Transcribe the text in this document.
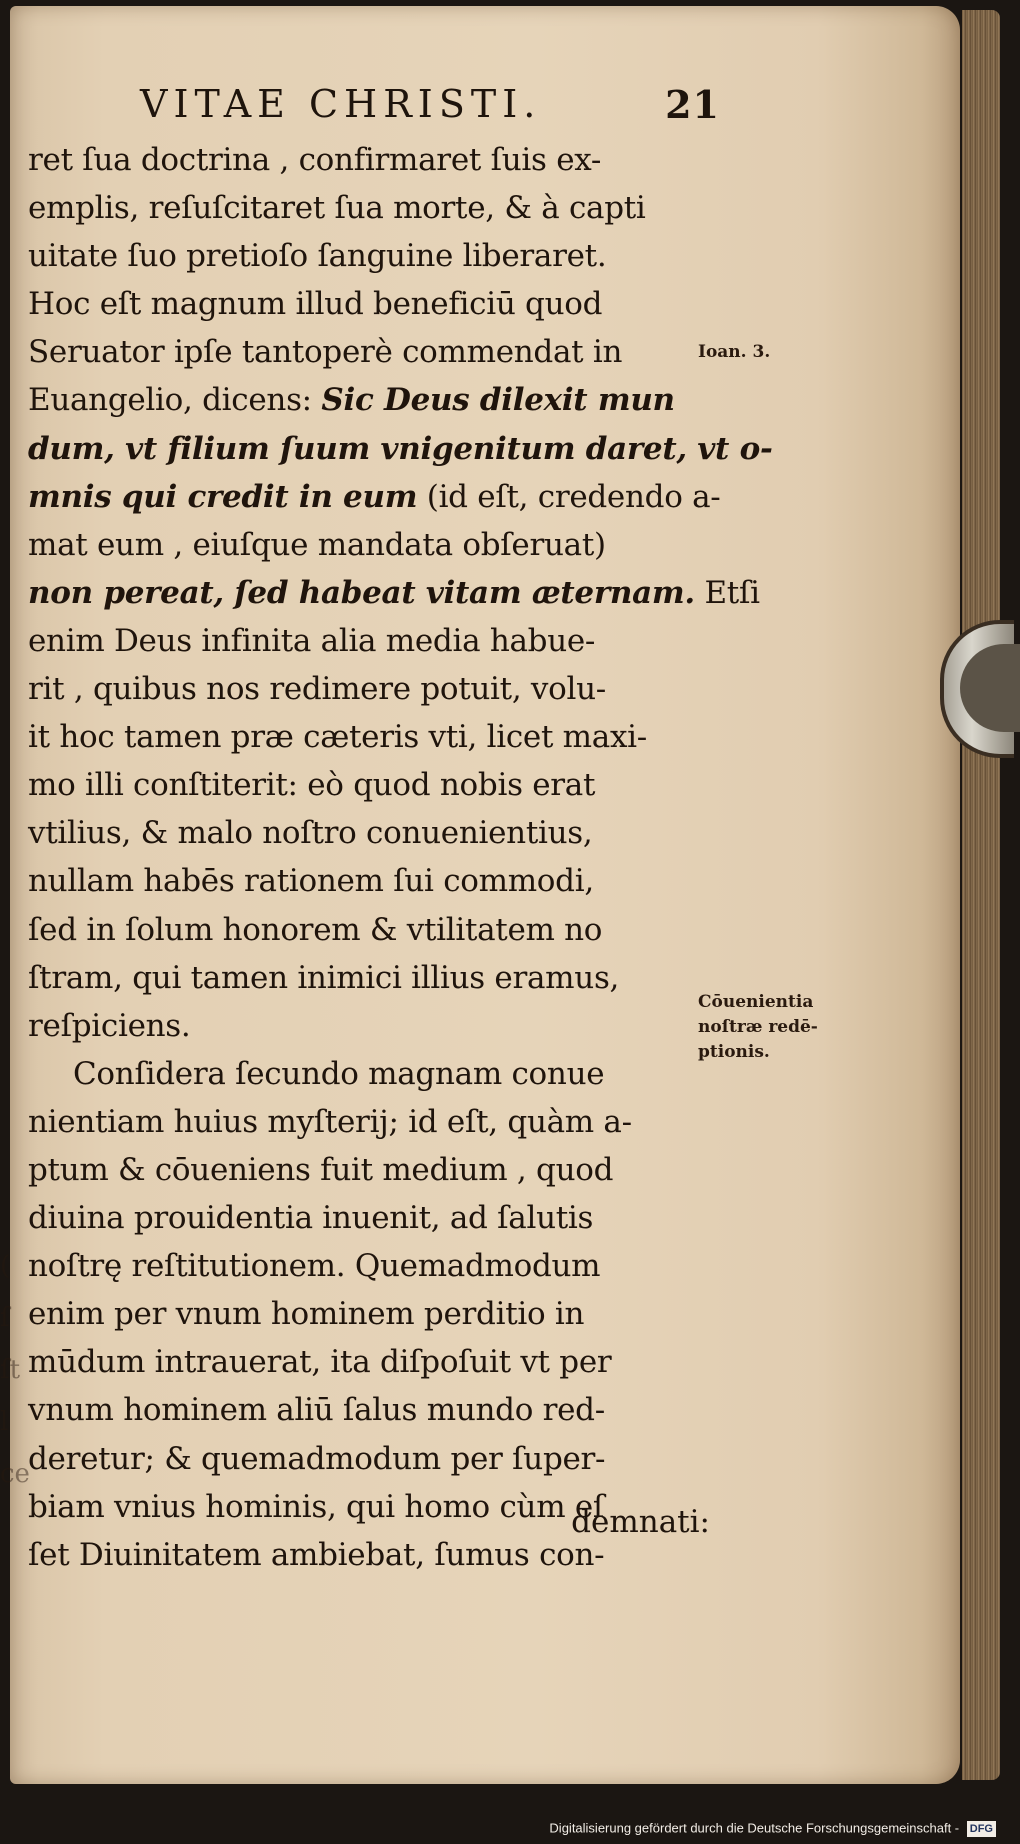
(
ſ
ſt
l
ce
VITAE CHRISTI.	21
ret ſua doctrina , confirmaret ſuis ex-
emplis, reſuſcitaret ſua morte, & à capti
uitate ſuo pretioſo ſanguine liberaret.
Hoc eſt magnum illud beneficiū quod
Seruator ipſe tantoperè commendat in
Euangelio, dicens: Sic Deus dilexit mun
dum, vt filium ſuum vnigenitum daret, vt o-
mnis qui credit in eum (id eſt, credendo a-
mat eum , eiuſque mandata obſeruat)
non pereat, ſed habeat vitam æternam. Etſi
enim Deus infinita alia media habue-
rit , quibus nos redimere potuit, volu-
it hoc tamen præ cæteris vti, licet maxi-
mo illi conſtiterit: eò quod nobis erat
vtilius, & malo noſtro conuenientius,
nullam habēs rationem ſui commodi,
ſed in ſolum honorem & vtilitatem no
ſtram, qui tamen inimici illius eramus,
reſpiciens.
Conſidera ſecundo magnam conue
nientiam huius myſterij; id eſt, quàm a-
ptum & cōueniens fuit medium , quod
diuina prouidentia inuenit, ad ſalutis
noſtrę reſtitutionem. Quemadmodum
enim per vnum hominem perditio in
mūdum intrauerat, ita diſpoſuit vt per
vnum hominem aliū ſalus mundo red-
deretur; & quemadmodum per ſuper-
biam vnius hominis, qui homo cùm eſ
ſet Diuinitatem ambiebat, ſumus con-
demnati:
Ioan. 3.
Cōuenientia
noſtræ redē-
ptionis.
Digitalisierung gefördert durch die Deutsche Forschungsgemeinschaft - DFG
